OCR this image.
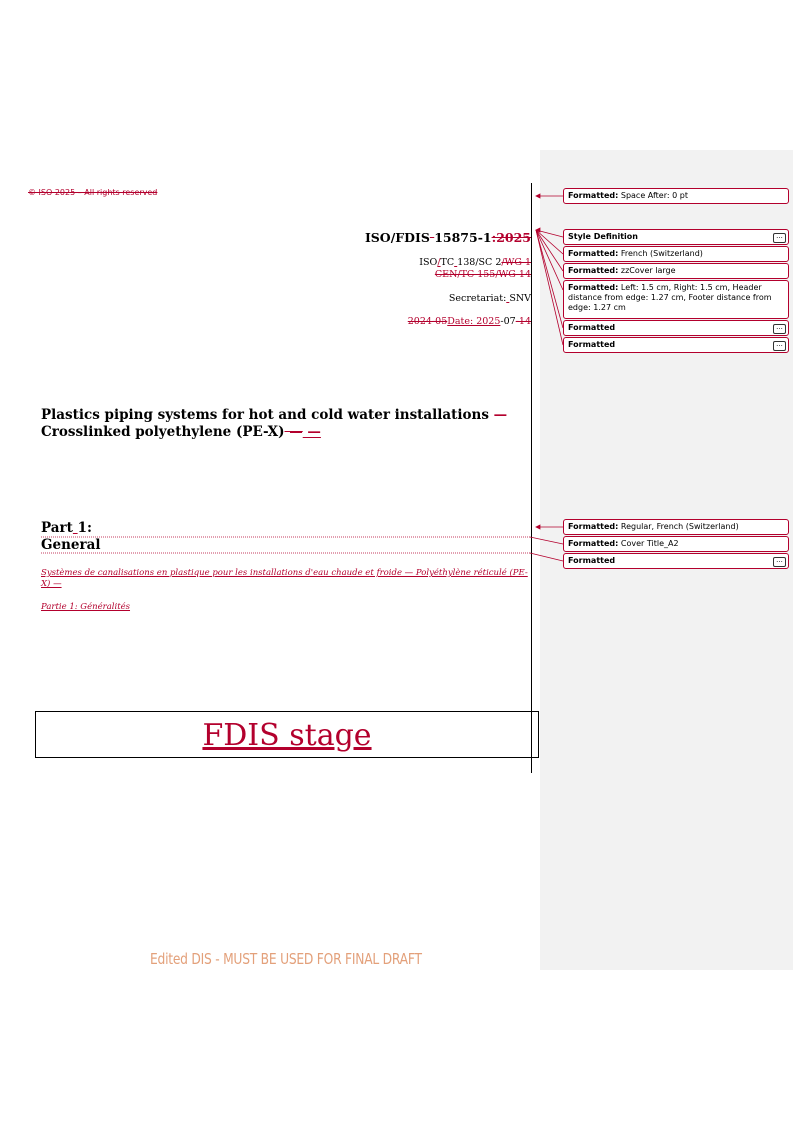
© ISO 2025 – All rights reserved
ISO/FDIS 15875-1:2025
ISO/TC 138/SC 2/WG 1
CEN/TC 155/WG 14
Secretariat: SNV
2024-05Date: 2025-07-14
Plastics piping systems for hot and cold water installations —
Crosslinked polyethylene (PE-X) — —
Part 1:
General
Systèmes de canalisations en plastique pour les installations d'eau chaude et froide — Polyéthylène réticulé (PE-X) —
Partie 1: Généralités
FDIS stage
Edited DIS - MUST BE USED FOR FINAL DRAFT
Formatted: Space After: 0 pt
Style Definition	...
Formatted: French (Switzerland)
Formatted: zzCover large
Formatted: Left: 1.5 cm, Right: 1.5 cm, Header distance from edge: 1.27 cm, Footer distance from edge: 1.27 cm
Formatted	...
Formatted	...
Formatted: Regular, French (Switzerland)
Formatted: Cover Title_A2
Formatted	...
